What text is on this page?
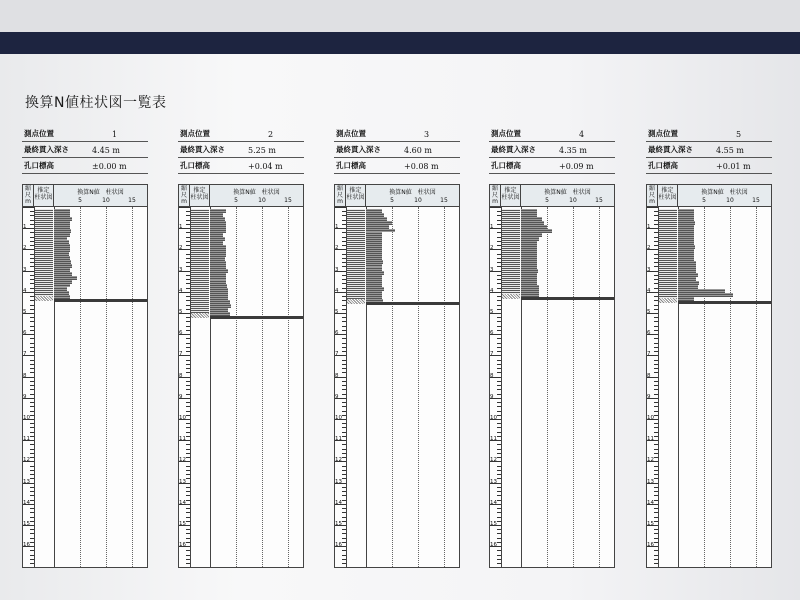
換算N値柱状図一覧表
測点位置	1
最終貫入深さ	4.45 m
孔口標高	±0.00 m
縮
尺
m
推定
柱状図
換算N値　柱状図
5	10	15
1
2
3
4
5
6
7
8
9
10
11
12
13
14
15
16
測点位置	2
最終貫入深さ	5.25 m
孔口標高	+0.04 m
縮
尺
m
推定
柱状図
換算N値　柱状図
5	10	15
1
2
3
4
5
6
7
8
9
10
11
12
13
14
15
16
測点位置	3
最終貫入深さ	4.60 m
孔口標高	+0.08 m
縮
尺
m
推定
柱状図
換算N値　柱状図
5	10	15
1
2
3
4
5
6
7
8
9
10
11
12
13
14
15
16
測点位置	4
最終貫入深さ	4.35 m
孔口標高	+0.09 m
縮
尺
m
推定
柱状図
換算N値　柱状図
5	10	15
1
2
3
4
5
6
7
8
9
10
11
12
13
14
15
16
測点位置	5
最終貫入深さ	4.55 m
孔口標高	+0.01 m
縮
尺
m
推定
柱状図
換算N値　柱状図
5	10	15
1
2
3
4
5
6
7
8
9
10
11
12
13
14
15
16
